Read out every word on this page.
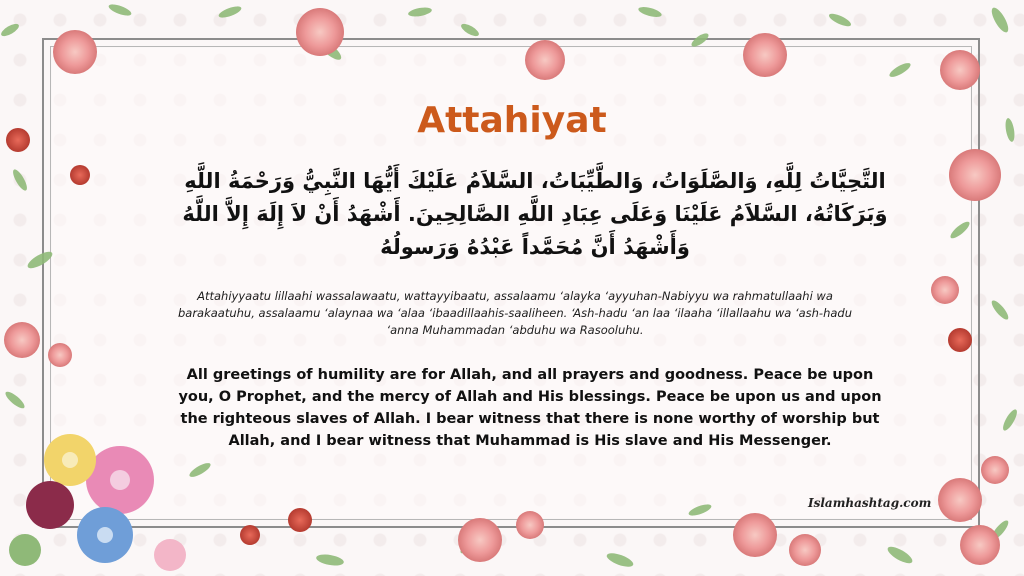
Attahiyat
التَّحِيَّاتُ لِلَّهِ، وَالصَّلَوَاتُ، وَالطَّيِّبَاتُ، السَّلاَمُ عَلَيْكَ أَيُّهَا النَّبِيُّ وَرَحْمَةُ اللَّهِ وَبَرَكَاتُهُ، السَّلاَمُ عَلَيْنَا وَعَلَى عِبَادِ اللَّهِ الصَّالِحِينَ. أَشْهَدُ أَنْ لاَ إِلَهَ إِلاَّ اللَّهُ وَأَشْهَدُ أَنَّ مُحَمَّداً عَبْدُهُ وَرَسولُهُ
Attahiyyaatu lillaahi wassalawaatu, wattayyibaatu, assalaamu ‘alayka ‘ayyuhan-Nabiyyu wa rahmatullaahi wa barakaatuhu, assalaamu ‘alaynaa wa ‘alaa ‘ibaadillaahis-saaliheen. ‘Ash-hadu ‘an laa ‘ilaaha ‘illallaahu wa ‘ash-hadu ‘anna Muhammadan ‘abduhu wa Rasooluhu.
All greetings of humility are for Allah, and all prayers and goodness. Peace be upon you, O Prophet, and the mercy of Allah and His blessings. Peace be upon us and upon the righteous slaves of Allah. I bear witness that there is none worthy of worship but Allah, and I bear witness that Muhammad is His slave and His Messenger.
Islamhashtag.com
